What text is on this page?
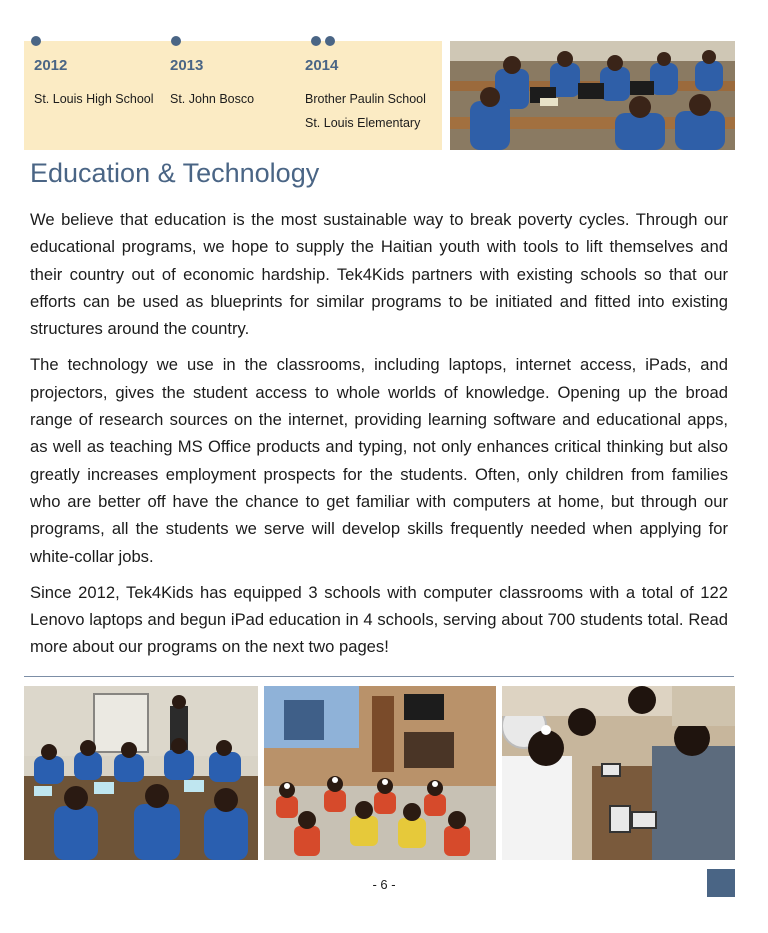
2012
St. Louis High School
2013
St. John Bosco
2014
Brother Paulin School
St. Louis Elementary
Education & Technology

We believe that education is the most sustainable way to break poverty cycles. Through our educational programs, we hope to supply the Haitian youth with tools to lift themselves and their country out of economic hardship. Tek4Kids partners with existing schools so that our efforts can be used as blueprints for similar programs to be initiated and fitted into existing structures around the country.

The technology we use in the classrooms, including laptops, internet access, iPads, and projectors, gives the student access to whole worlds of knowledge. Opening up the broad range of research sources on the internet, providing learning software and educational apps, as well as teaching MS Office products and typing, not only enhances critical thinking but also greatly increases employment prospects for the students. Often, only children from families who are better off have the chance to get familiar with computers at home, but through our programs, all the students we serve will develop skills frequently needed when applying for white-collar jobs.

Since 2012, Tek4Kids has equipped 3 schools with computer classrooms with a total of 122 Lenovo laptops and begun iPad education in 4 schools, serving about 700 students total. Read more about our programs on the next two pages!

- 6 -
